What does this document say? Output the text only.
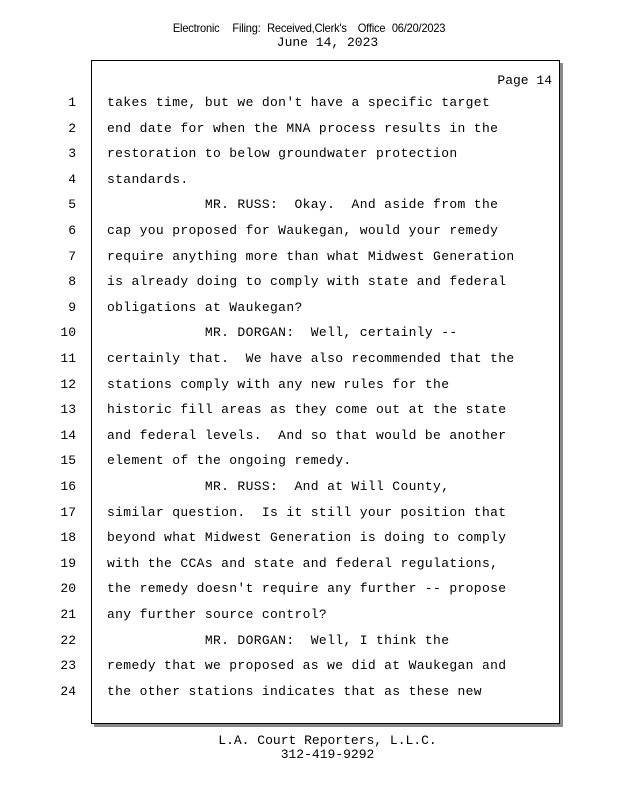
Electronic Filing: Received,Clerk's Office 06/20/2023
June 14, 2023
Page 14
1 takes time, but we don't have a specific target
2 end date for when the MNA process results in the
3 restoration to below groundwater protection
4 standards.
5 MR. RUSS:  Okay.  And aside from the
6 cap you proposed for Waukegan, would your remedy
7 require anything more than what Midwest Generation
8 is already doing to comply with state and federal
9 obligations at Waukegan?
10 MR. DORGAN:  Well, certainly --
11 certainly that.  We have also recommended that the
12 stations comply with any new rules for the
13 historic fill areas as they come out at the state
14 and federal levels.  And so that would be another
15 element of the ongoing remedy.
16 MR. RUSS:  And at Will County,
17 similar question.  Is it still your position that
18 beyond what Midwest Generation is doing to comply
19 with the CCAs and state and federal regulations,
20 the remedy doesn't require any further -- propose
21 any further source control?
22 MR. DORGAN:  Well, I think the
23 remedy that we proposed as we did at Waukegan and
24 the other stations indicates that as these new
L.A. Court Reporters, L.L.C.
312-419-9292
